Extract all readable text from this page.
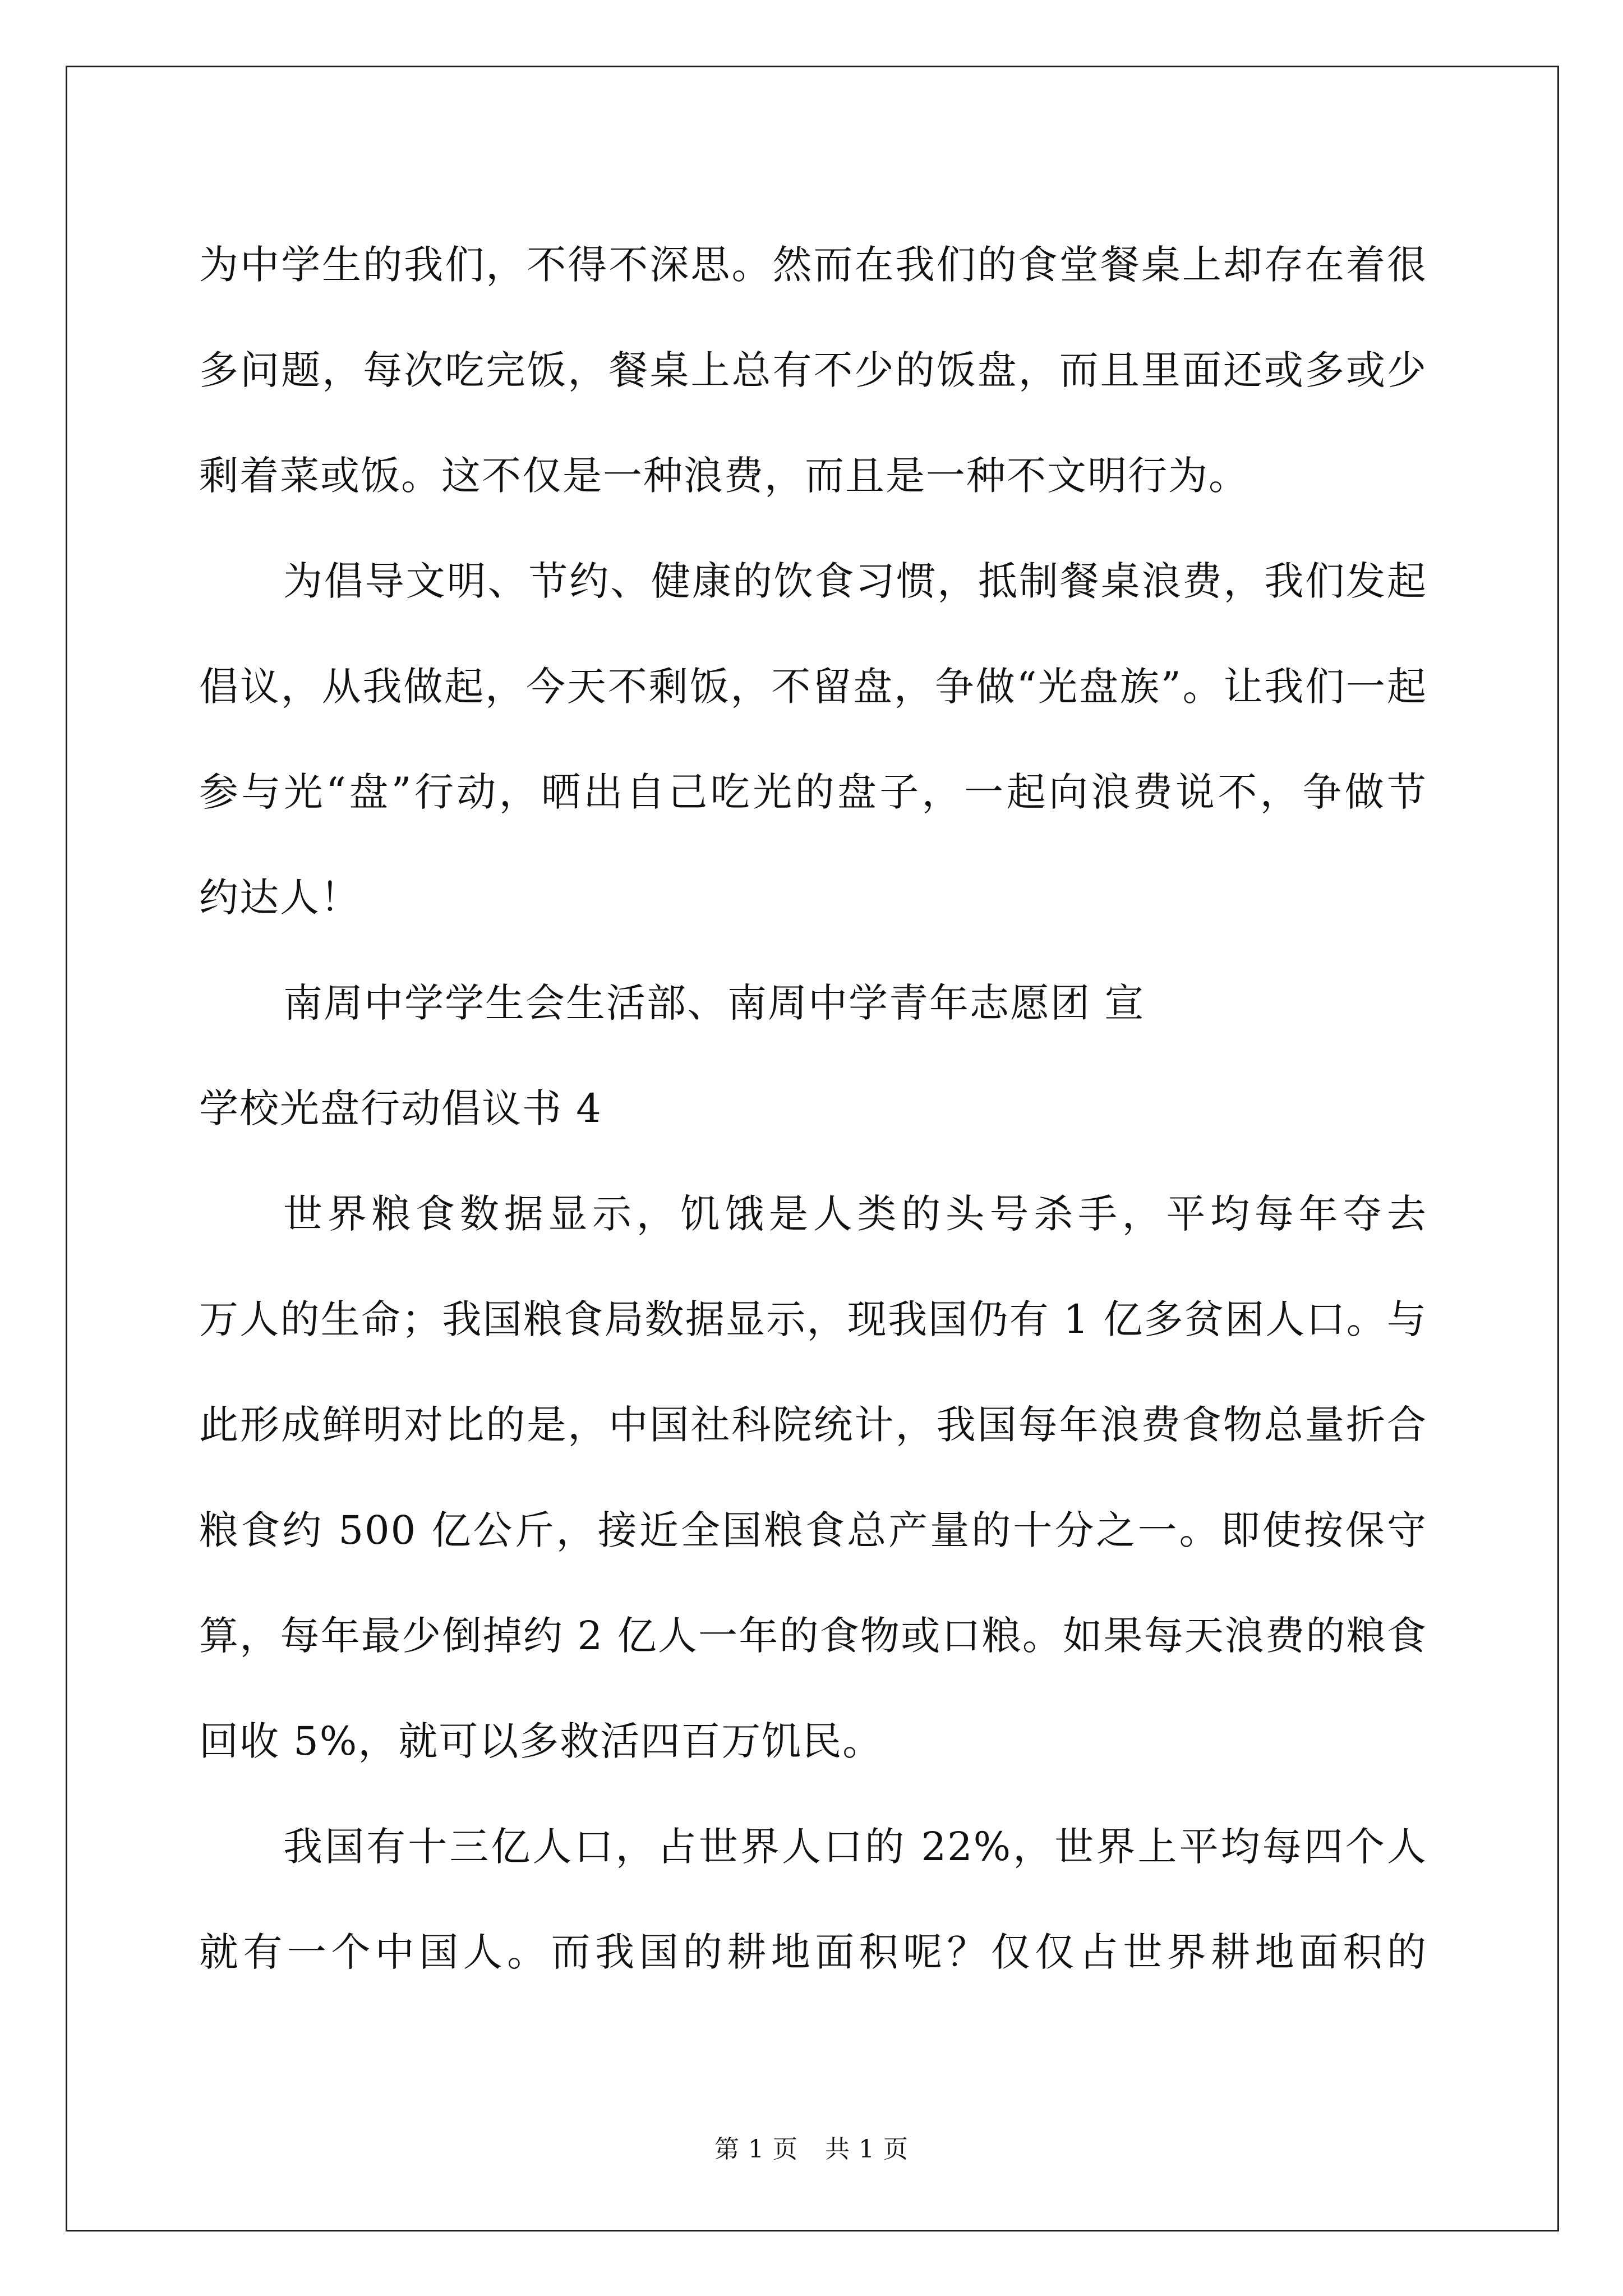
为中学生的我们，不得不深思。然而在我们的食堂餐桌上却存在着很
多问题，每次吃完饭，餐桌上总有不少的饭盘，而且里面还或多或少
剩着菜或饭。这不仅是一种浪费，而且是一种不文明行为。
为倡导文明、节约、健康的饮食习惯，抵制餐桌浪费，我们发起
倡议，从我做起，今天不剩饭，不留盘，争做“光盘族”。让我们一起
参与光“盘”行动，晒出自己吃光的盘子，一起向浪费说不，争做节
约达人！
南周中学学生会生活部、南周中学青年志愿团 宣
学校光盘行动倡议书 4
世界粮食数据显示，饥饿是人类的头号杀手，平均每年夺去
万人的生命；我国粮食局数据显示，现我国仍有 1 亿多贫困人口。与
此形成鲜明对比的是，中国社科院统计，我国每年浪费食物总量折合
粮食约 500 亿公斤，接近全国粮食总产量的十分之一。即使按保守
算，每年最少倒掉约 2 亿人一年的食物或口粮。如果每天浪费的粮食
回收 5%，就可以多救活四百万饥民。
我国有十三亿人口，占世界人口的 22%，世界上平均每四个人
就有一个中国人。而我国的耕地面积呢？仅仅占世界耕地面积的
第 1 页 共 1 页
